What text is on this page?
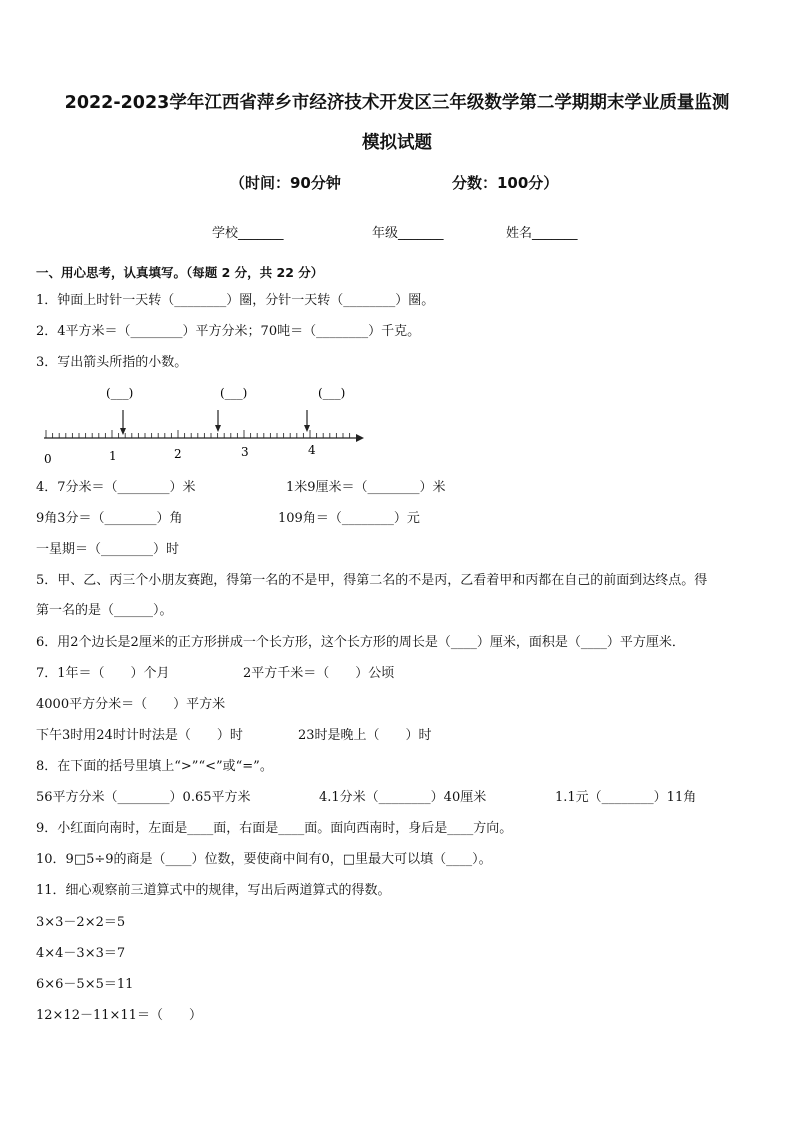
2022-2023学年江西省萍乡市经济技术开发区三年级数学第二学期期末学业质量监测
模拟试题
（时间：90分钟	分数：100分）
学校_______	年级_______	姓名_______
一、用心思考，认真填写。（每题 2 分，共 22 分）
1．钟面上时针一天转（________）圈，分针一天转（________）圈。
2．4平方米＝（________）平方分米；70吨＝（________）千克。
3．写出箭头所指的小数。
(___)	(___)	(___)
0	1	2	3	4
4．7分米＝（________）米	1米9厘米＝（________）米
9角3分＝（________）角	109角＝（________）元
一星期＝（________）时
5．甲、乙、丙三个小朋友赛跑，得第一名的不是甲，得第二名的不是丙，乙看着甲和丙都在自己的前面到达终点。得
第一名的是（______）。
6．用2个边长是2厘米的正方形拼成一个长方形，这个长方形的周长是（____）厘米，面积是（____）平方厘米．
7．1年＝（　　）个月	2平方千米＝（　　）公顷
4000平方分米＝（　　）平方米
下午3时用24时计时法是（　　）时	23时是晚上（　　）时
8．在下面的括号里填上“>”“<”或“=”。
56平方分米（________）0.65平方米	4.1分米（________）40厘米	1.1元（________）11角
9．小红面向南时，左面是____面，右面是____面。面向西南时，身后是____方向。
10．9□5÷9的商是（____）位数，要使商中间有0，□里最大可以填（____）。
11．细心观察前三道算式中的规律，写出后两道算式的得数。
3×3－2×2＝5
4×4－3×3＝7
6×6－5×5＝11
12×12－11×11＝（　　）
